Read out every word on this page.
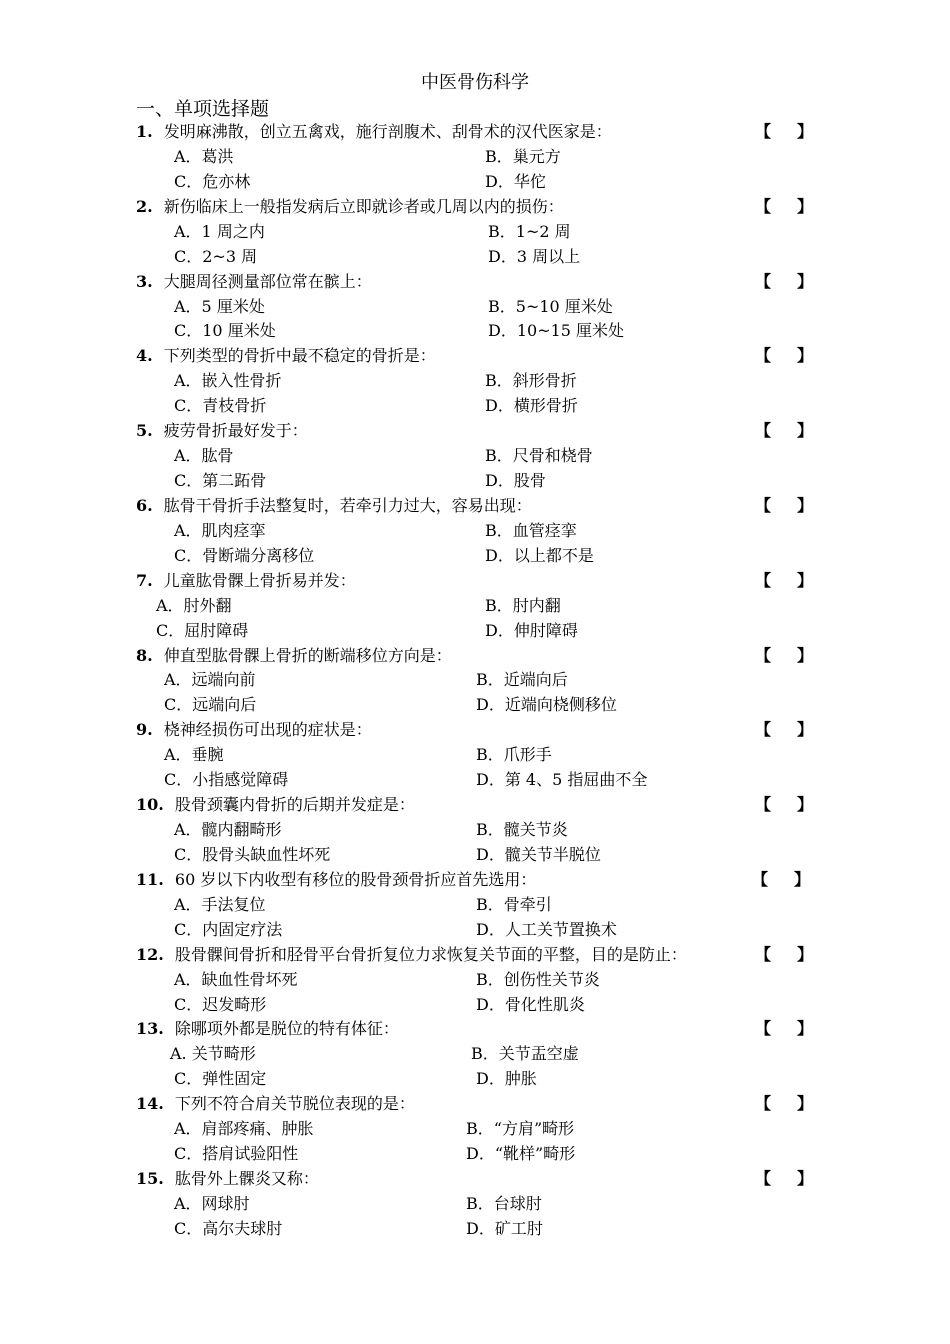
中医骨伤科学
一、单项选择题
1. 发明麻沸散，创立五禽戏，施行剖腹术、刮骨术的汉代医家是：	【 】
A．葛洪	B．巢元方
C．危亦林	D．华佗
2. 新伤临床上一般指发病后立即就诊者或几周以内的损伤：	【 】
A．1 周之内	B．1~2 周
C．2~3 周	D．3 周以上
3. 大腿周径测量部位常在髌上：	【 】
A．5 厘米处	B．5~10 厘米处
C．10 厘米处	D．10~15 厘米处
4. 下列类型的骨折中最不稳定的骨折是：	【 】
A．嵌入性骨折	B．斜形骨折
C．青枝骨折	D．横形骨折
5. 疲劳骨折最好发于：	【 】
A．肱骨	B．尺骨和桡骨
C．第二跖骨	D．股骨
6. 肱骨干骨折手法整复时，若牵引力过大，容易出现：	【 】
A．肌肉痉挛	B．血管痉挛
C．骨断端分离移位	D．以上都不是
7. 儿童肱骨髁上骨折易并发：	【 】
A．肘外翻	B．肘内翻
C．屈肘障碍	D．伸肘障碍
8. 伸直型肱骨髁上骨折的断端移位方向是：	【 】
A．远端向前	B．近端向后
C．远端向后	D．近端向桡侧移位
9. 桡神经损伤可出现的症状是：	【 】
A．垂腕	B．爪形手
C．小指感觉障碍	D．第 4、5 指屈曲不全
10. 股骨颈囊内骨折的后期并发症是：	【 】
A．髋内翻畸形	B．髋关节炎
C．股骨头缺血性坏死	D．髋关节半脱位
11. 60 岁以下内收型有移位的股骨颈骨折应首先选用：	【 】
A．手法复位	B．骨牵引
C．内固定疗法	D．人工关节置换术
12. 股骨髁间骨折和胫骨平台骨折复位力求恢复关节面的平整，目的是防止：	【 】
A．缺血性骨坏死	B．创伤性关节炎
C．迟发畸形	D．骨化性肌炎
13. 除哪项外都是脱位的特有体征：	【 】
A. 关节畸形	B．关节盂空虚
C．弹性固定	D．肿胀
14. 下列不符合肩关节脱位表现的是：	【 】
A．肩部疼痛、肿胀	B．“方肩”畸形
C．搭肩试验阳性	D．“靴样”畸形
15. 肱骨外上髁炎又称：	【 】
A．网球肘	B．台球肘
C．高尔夫球肘	D．矿工肘
